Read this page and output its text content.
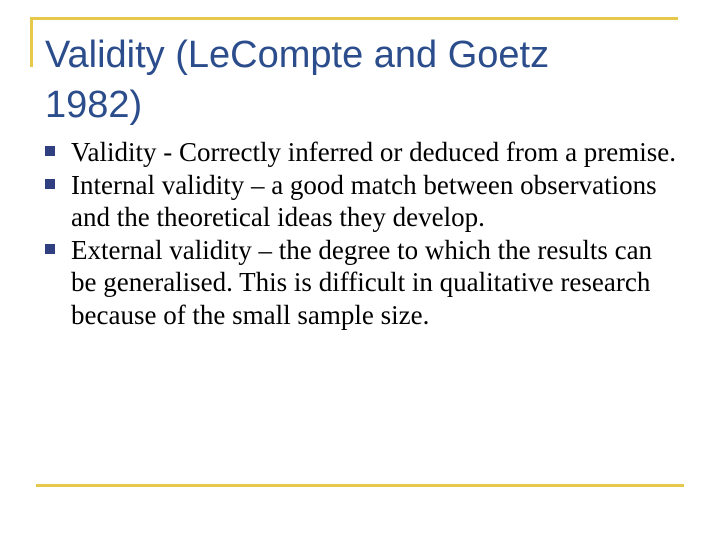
Validity (LeCompte and Goetz
1982)
Validity - Correctly inferred or deduced from a premise.
Internal validity – a good match between observations and the theoretical ideas they develop.
External validity – the degree to which the results can be generalised. This is difficult in qualitative research because of the small sample size.
